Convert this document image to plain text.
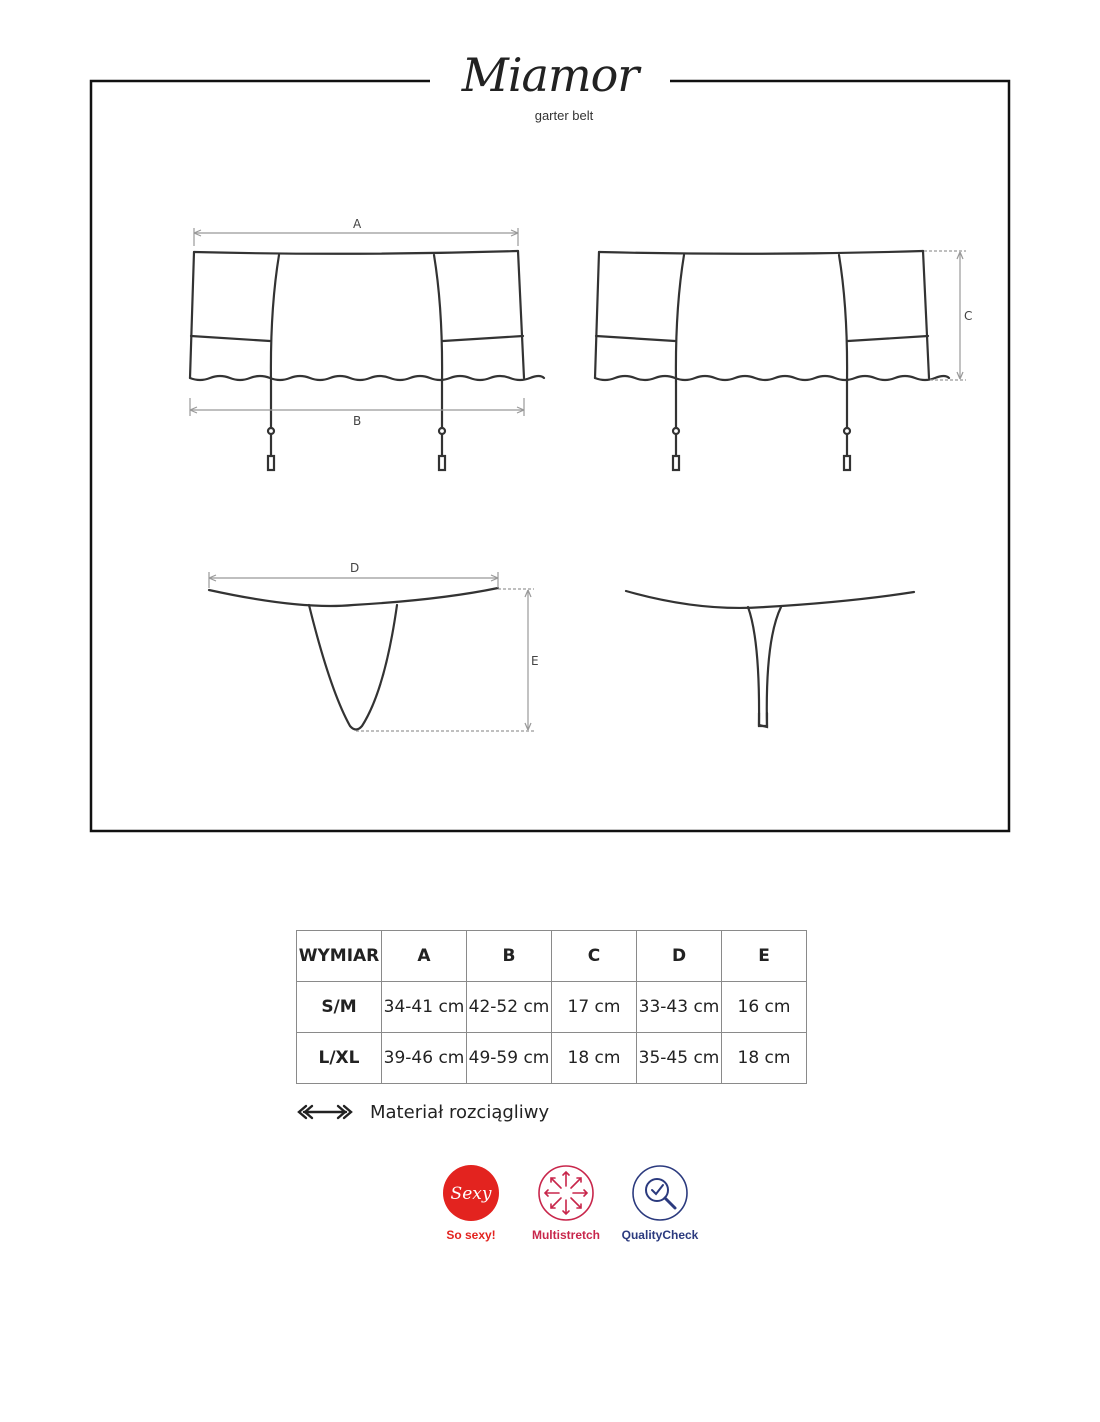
A
B
C
D
E
Miamor
garter belt
WYMIAR	A	B	C	D	E
S/M	34-41 cm	42-52 cm	17 cm	33-43 cm	16 cm
L/XL	39-46 cm	49-59 cm	18 cm	35-45 cm	18 cm
Materiał rozciągliwy
Sexy
So sexy!	Multistretch	QualityCheck
